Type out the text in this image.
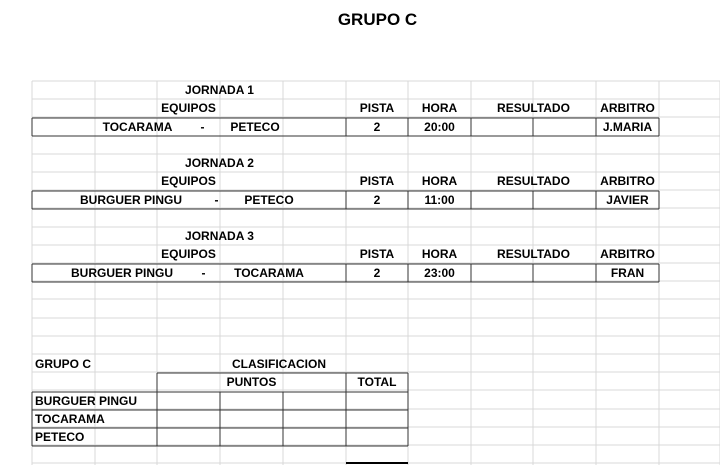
GRUPO C
JORNADA 1
EQUIPOS	PISTA	HORA	RESULTADO	ARBITRO
TOCARAMA	-	PETECO	2	20:00	J.MARIA
JORNADA 2
EQUIPOS	PISTA	HORA	RESULTADO	ARBITRO
BURGUER PINGU	-	PETECO	2	11:00	JAVIER
JORNADA 3
EQUIPOS	PISTA	HORA	RESULTADO	ARBITRO
BURGUER PINGU	-	TOCARAMA	2	23:00	FRAN
GRUPO C	CLASIFICACION
PUNTOS	TOTAL
BURGUER PINGU
TOCARAMA
PETECO
